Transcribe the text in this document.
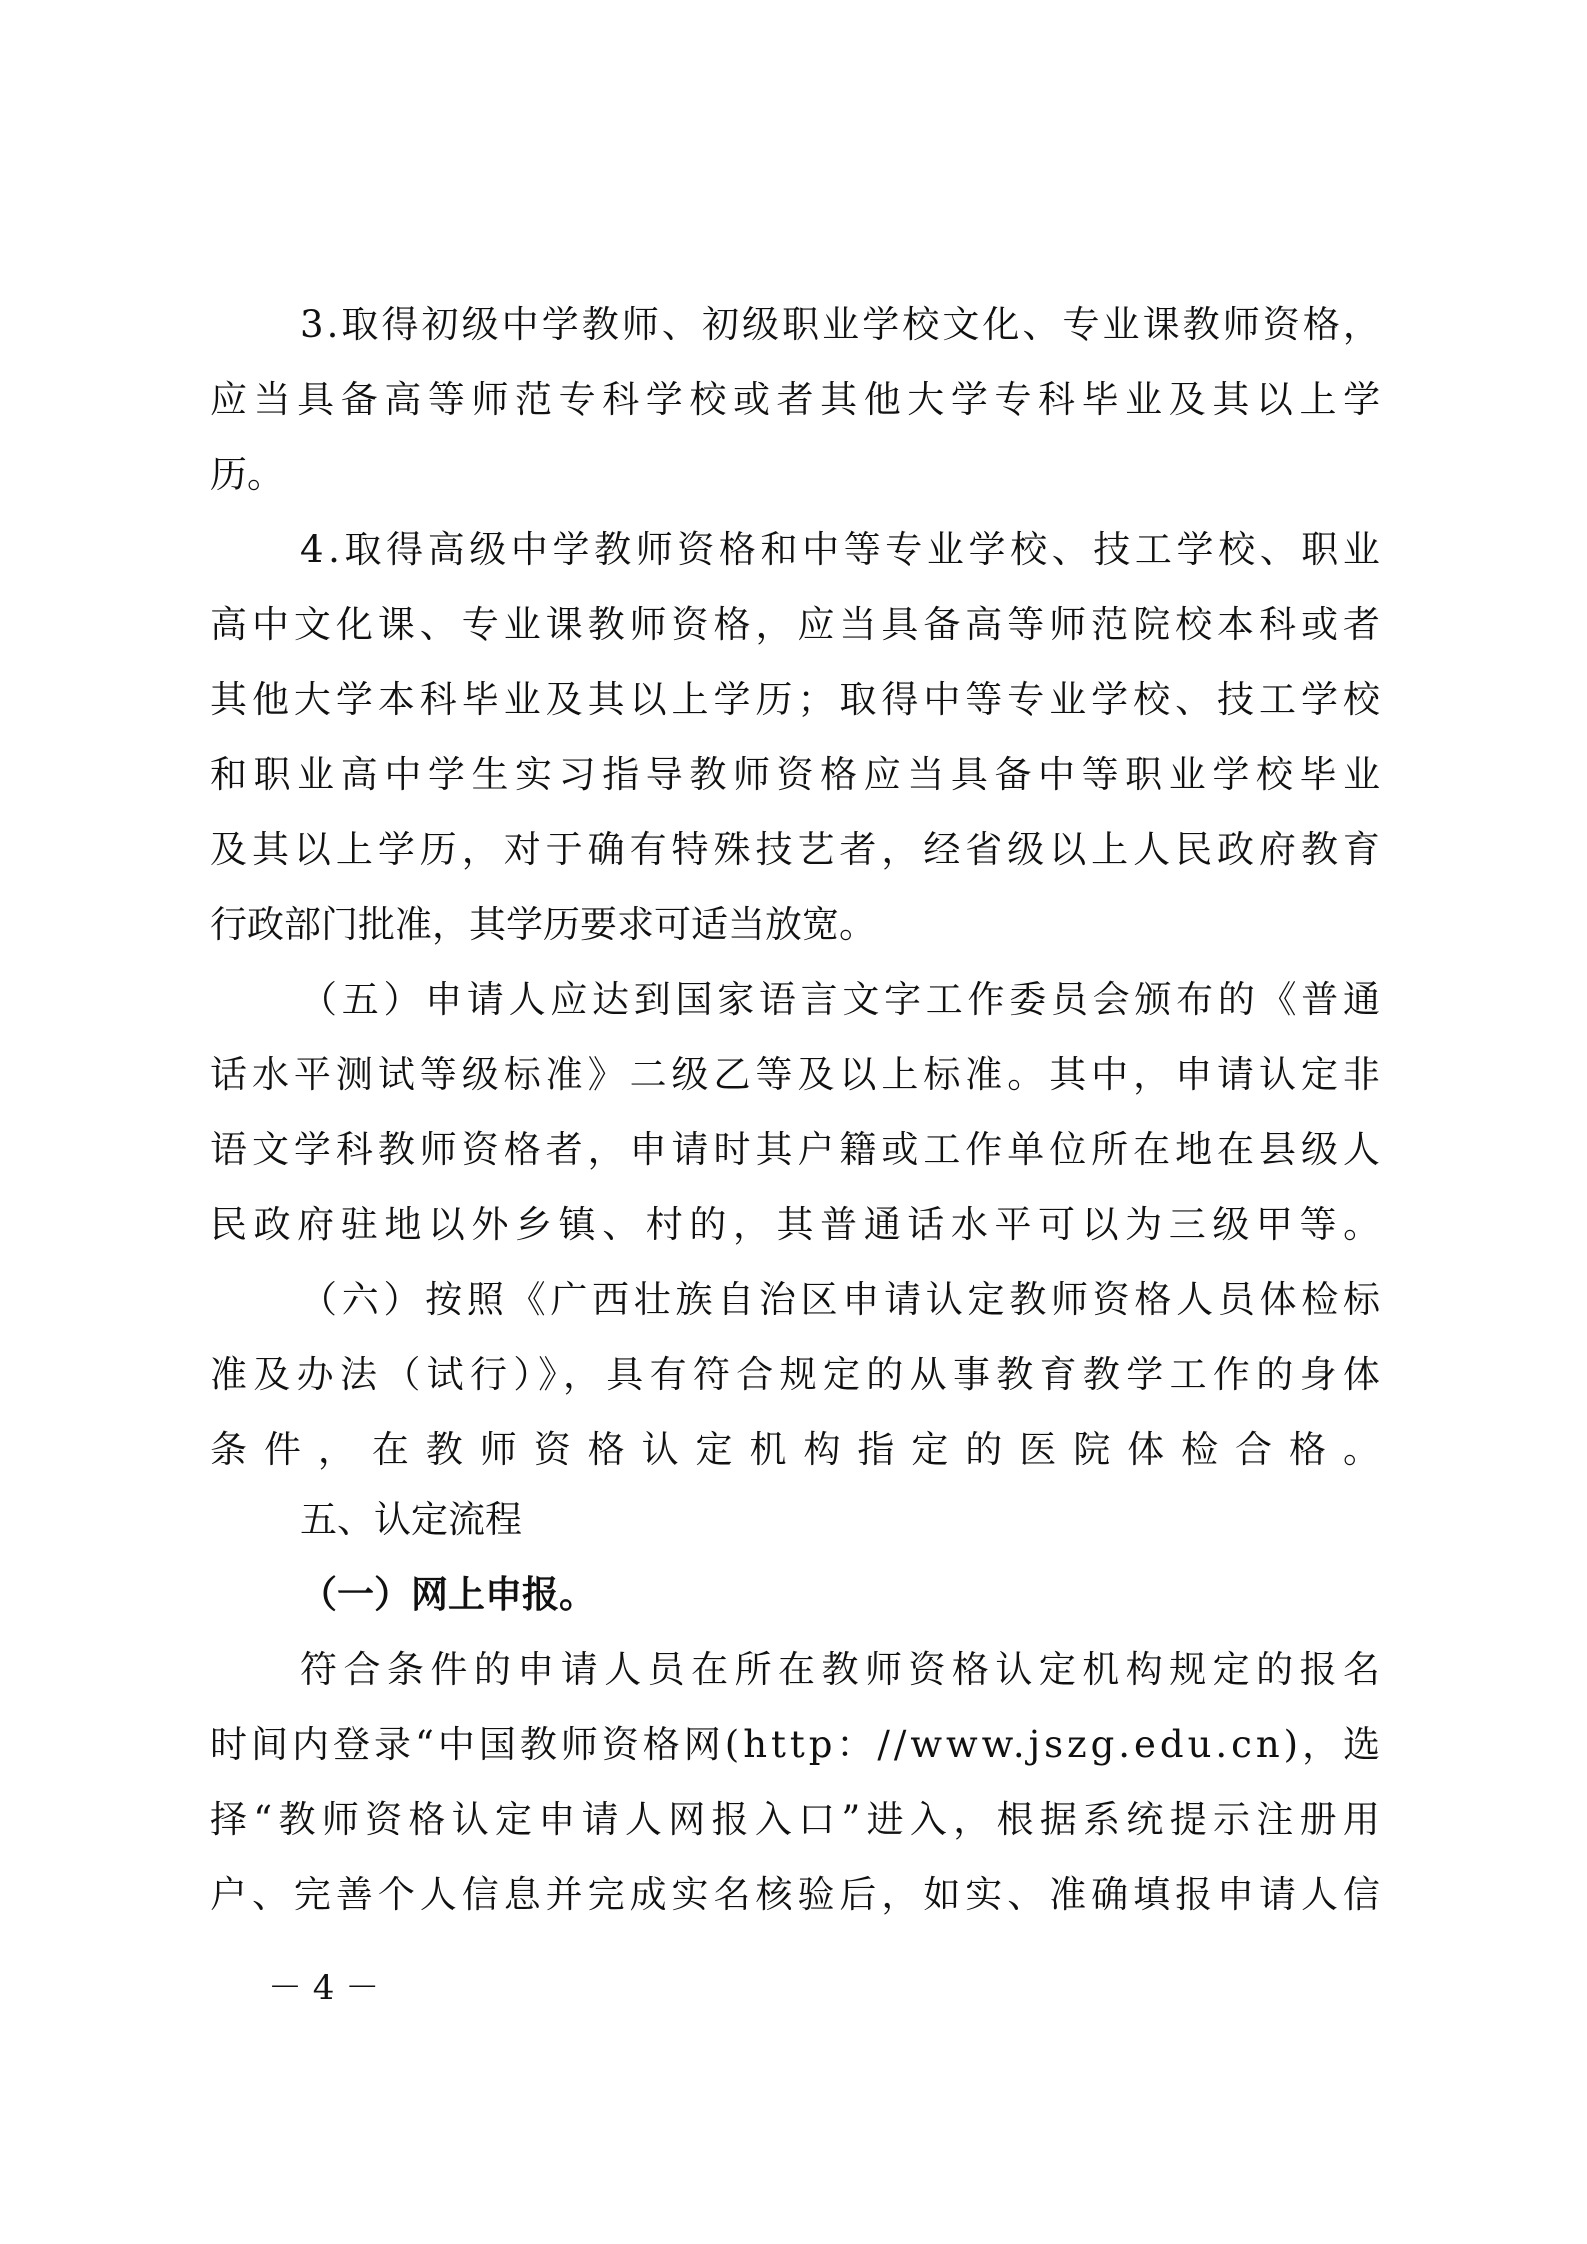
3.取得初级中学教师、初级职业学校文化、专业课教师资格，
应当具备高等师范专科学校或者其他大学专科毕业及其以上学
历。
4.取得高级中学教师资格和中等专业学校、技工学校、职业
高中文化课、专业课教师资格，应当具备高等师范院校本科或者
其他大学本科毕业及其以上学历；取得中等专业学校、技工学校
和职业高中学生实习指导教师资格应当具备中等职业学校毕业
及其以上学历，对于确有特殊技艺者，经省级以上人民政府教育
行政部门批准，其学历要求可适当放宽。
（五）申请人应达到国家语言文字工作委员会颁布的《普通
话水平测试等级标准》二级乙等及以上标准。其中，申请认定非
语文学科教师资格者，申请时其户籍或工作单位所在地在县级人
民政府驻地以外乡镇、村的，其普通话水平可以为三级甲等。
（六）按照《广西壮族自治区申请认定教师资格人员体检标
准及办法（试行）》，具有符合规定的从事教育教学工作的身体
条件，在教师资格认定机构指定的医院体检合格。
五、认定流程
（一）网上申报。
符合条件的申请人员在所在教师资格认定机构规定的报名
时间内登录“中国教师资格网(http：//www.jszg.edu.cn)，选
择“教师资格认定申请人网报入口”进入，根据系统提示注册用
户、完善个人信息并完成实名核验后，如实、准确填报申请人信
－ 4 －
